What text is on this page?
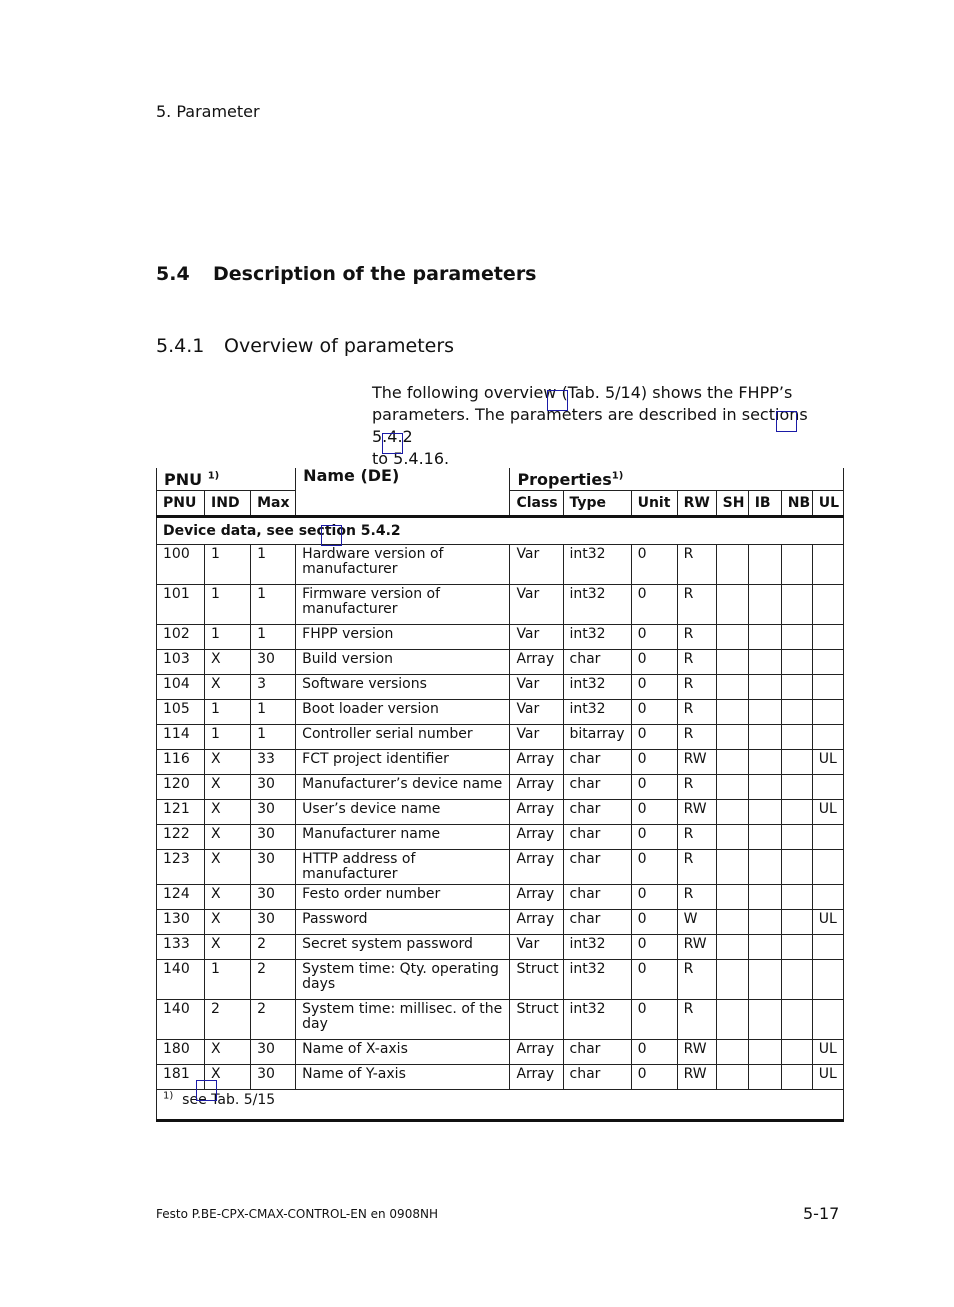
5. Parameter
5.4 Description of the parameters
5.4.1 Overview of parameters

The following overview (Tab. 5/14) shows the FHPP’s

parameters. The parameters are described in sections 5.4.2

to 5.4.16.

PNU $^{1)}$			Name (DE)	Properties$^{1)}$
PNU	IND	Max		Class	Type	Unit	RW	SH	IB	NB	UL
Device data, see section 5.4.2											
100	1	1	Hardware version of manufacturer	Var	int32	0	R				
101	1	1	Firmware version of manufacturer	Var	int32	0	R				
102	1	1	FHPP version	Var	int32	0	R				
103	X	30	Build version	Array	char	0	R				
104	X	3	Software versions	Var	int32	0	R				
105	1	1	Boot loader version	Var	int32	0	R				
114	1	1	Controller serial number	Var	bitarray	0	R				
116	X	33	FCT project identifier	Array	char	0	RW				UL
120	X	30	Manufacturer’s device name	Array	char	0	R				
121	X	30	User’s device name	Array	char	0	RW				UL
122	X	30	Manufacturer name	Array	char	0	R				
123	X	30	HTTP address of manufacturer	Array	char	0	R				
124	X	30	Festo order number	Array	char	0	R				
130	X	30	Password	Array	char	0	W				UL
133	X	2	Secret system password	Var	int32	0	RW				
140	1	2	System time: Qty. operating days	Struct	int32	0	R				
140	2	2	System time: millisec. of the day	Struct	int32	0	R				
180	X	30	Name of X-axis	Array	char	0	RW				UL
181	X	30	Name of Y-axis	Array	char	0	RW				UL
$^{1)}$ see Tab. 5/15											
Festo P.BE-CPX-CMAX-CONTROL-EN en 0908NH	5-17
